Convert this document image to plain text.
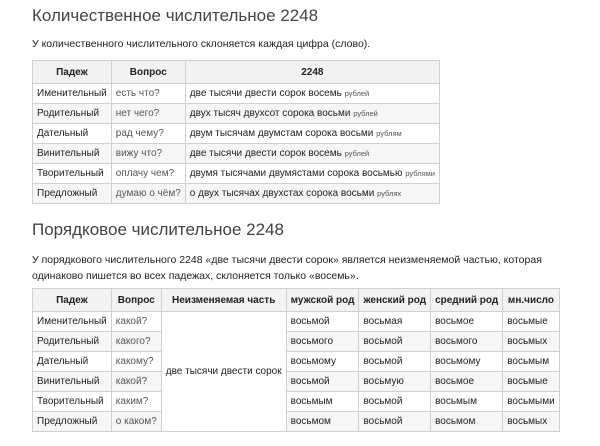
Количественное числительное 2248
У количественного числительного склоняется каждая цифра (слово).
Падеж	Вопрос	2248
Именительный	есть что?	две тысячи двести сорок восемь рублей
Родительный	нет чего?	двух тысяч двухсот сорока восьми рублей
Дательный	рад чему?	двум тысячам двумстам сорока восьми рублям
Винительный	вижу что?	две тысячи двести сорок восемь рублей
Творительный	оплачу чем?	двумя тысячами двумястами сорока восьмью рублями
Предложный	думаю о чём?	о двух тысячах двухстах сорока восьми рублях
Порядковое числительное 2248
У порядкового числительного 2248 «две тысячи двести сорок» является неизменяемой частью, которая одинаково пишется во всех падежах, склоняется только «восемь».
Падеж	Вопрос	Неизменяемая часть	мужской род	женский род	средний род	мн.число
Именительный	какой?	две тысячи двести сорок	восьмой	восьмая	восьмое	восьмые
Родительный	какого?		восьмого	восьмой	восьмого	восьмых
Дательный	какому?		восьмому	восьмой	восьмому	восьмым
Винительный	какой?		восьмой	восьмую	восьмое	восьмые
Творительный	каким?		восьмым	восьмой	восьмым	восьмыми
Предложный	о каком?		восьмом	восьмой	восьмом	восьмых
